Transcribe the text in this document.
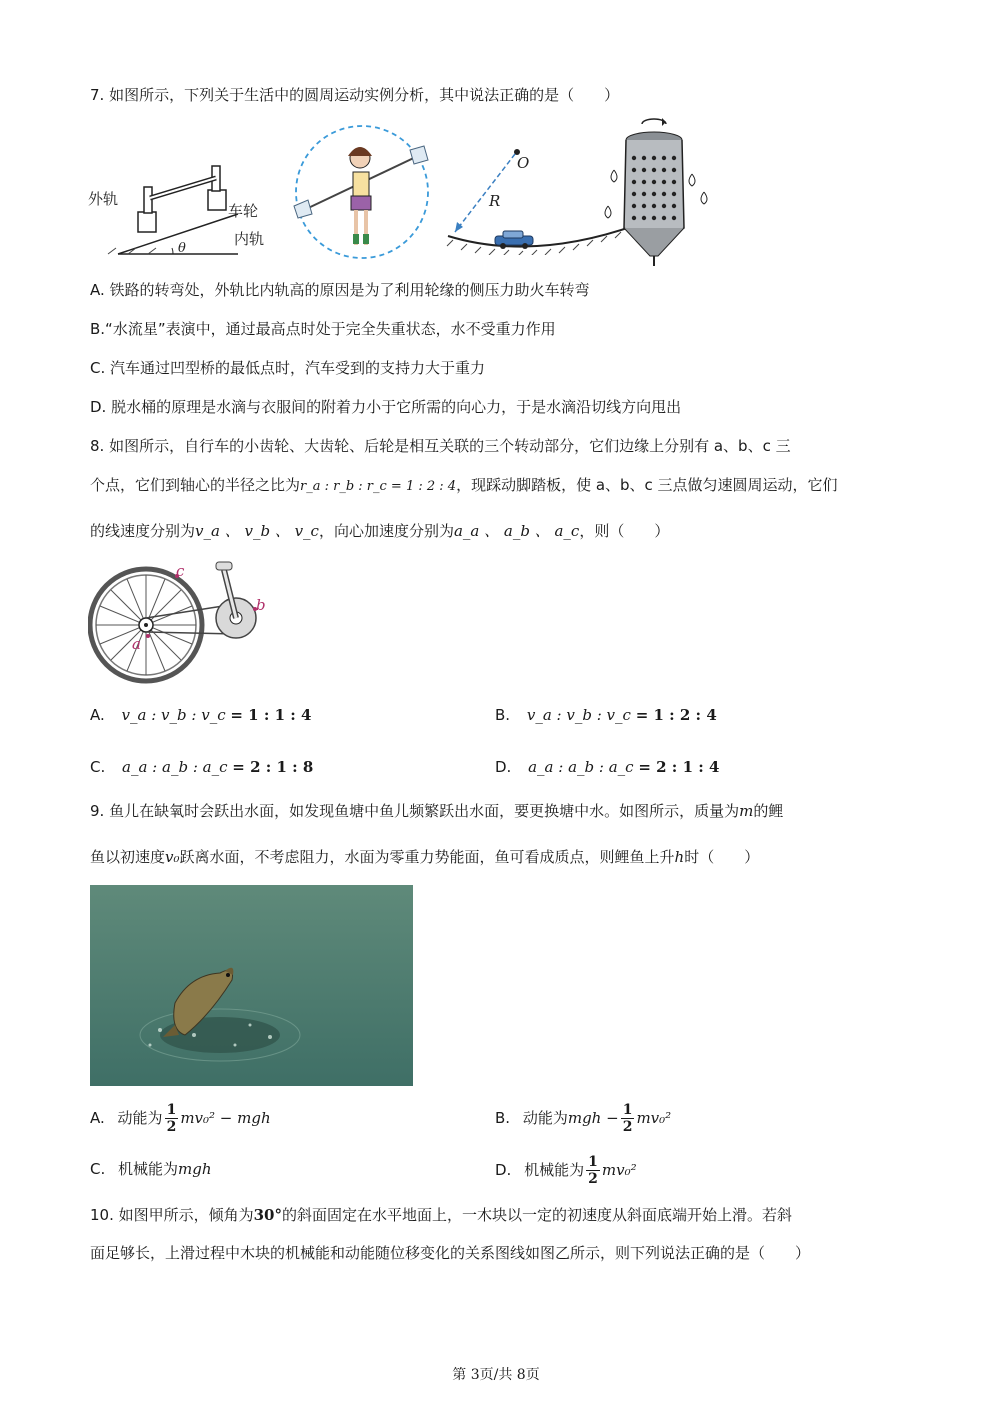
7. 如图所示，下列关于生活中的圆周运动实例分析，其中说法正确的是（　　）
外轨
车轮
内轨
θ
O
R
A. 铁路的转弯处，外轨比内轨高的原因是为了利用轮缘的侧压力助火车转弯
B.“水流星”表演中，通过最高点时处于完全失重状态，水不受重力作用
C. 汽车通过凹型桥的最低点时，汽车受到的支持力大于重力
D. 脱水桶的原理是水滴与衣服间的附着力小于它所需的向心力，于是水滴沿切线方向甩出
8. 如图所示，自行车的小齿轮、大齿轮、后轮是相互关联的三个转动部分，它们边缘上分别有 a、b、c 三
个点，它们到轴心的半径之比为r_a : r_b : r_c = 1 : 2 : 4，现踩动脚踏板，使 a、b、c 三点做匀速圆周运动，它们
的线速度分别为v_a 、 v_b 、 v_c，向心加速度分别为a_a 、 a_b 、 a_c，则（　　）
c
b
a
A. v_a : v_b : v_c = 1 : 1 : 4	B. v_a : v_b : v_c = 1 : 2 : 4
C. a_a : a_b : a_c = 2 : 1 : 8	D. a_a : a_b : a_c = 2 : 1 : 4
9. 鱼儿在缺氧时会跃出水面，如发现鱼塘中鱼儿频繁跃出水面，要更换塘中水。如图所示，质量为m的鲤
鱼以初速度v₀跃离水面，不考虑阻力，水面为零重力势能面，鱼可看成质点，则鲤鱼上升h时（　　）
A. 动能为 $\frac{1}{2} mv_0^2$ − mgh	B. 动能为mgh − $\frac{1}{2} mv_0^2$
C. 机械能为mgh	D. 机械能为 $\frac{1}{2} mv_0^2$
10. 如图甲所示，倾角为30°的斜面固定在水平地面上，一木块以一定的初速度从斜面底端开始上滑。若斜
面足够长，上滑过程中木块的机械能和动能随位移变化的关系图线如图乙所示，则下列说法正确的是（　　）
第 3页/共 8页
